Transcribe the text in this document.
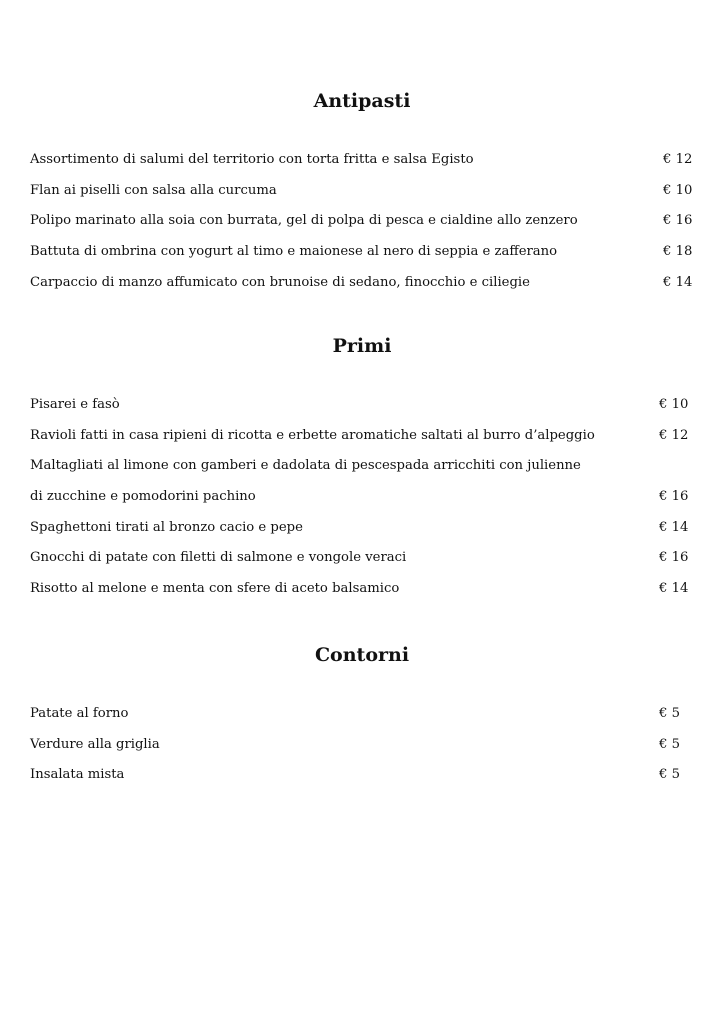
Antipasti
Assortimento di salumi del territorio con torta fritta e salsa Egisto	€ 12
Flan ai piselli con salsa alla curcuma	€ 10
Polipo marinato alla soia con burrata, gel di polpa di pesca e cialdine allo zenzero	€ 16
Battuta di ombrina con yogurt al timo e maionese al nero di seppia e zafferano	€ 18
Carpaccio di manzo affumicato con brunoise di sedano, finocchio e ciliegie	€ 14
Primi
Pisarei e fasò	€ 10
Ravioli fatti in casa ripieni di ricotta e erbette aromatiche saltati al burro d’alpeggio	€ 12
Maltagliati al limone con gamberi e dadolata di pescespada arricchiti con julienne
di zucchine e pomodorini pachino	€ 16
Spaghettoni tirati al bronzo cacio e pepe	€ 14
Gnocchi di patate con filetti di salmone e vongole veraci	€ 16
Risotto al melone e menta con sfere di aceto balsamico	€ 14
Contorni
Patate al forno	€ 5
Verdure alla griglia	€ 5
Insalata mista	€ 5
